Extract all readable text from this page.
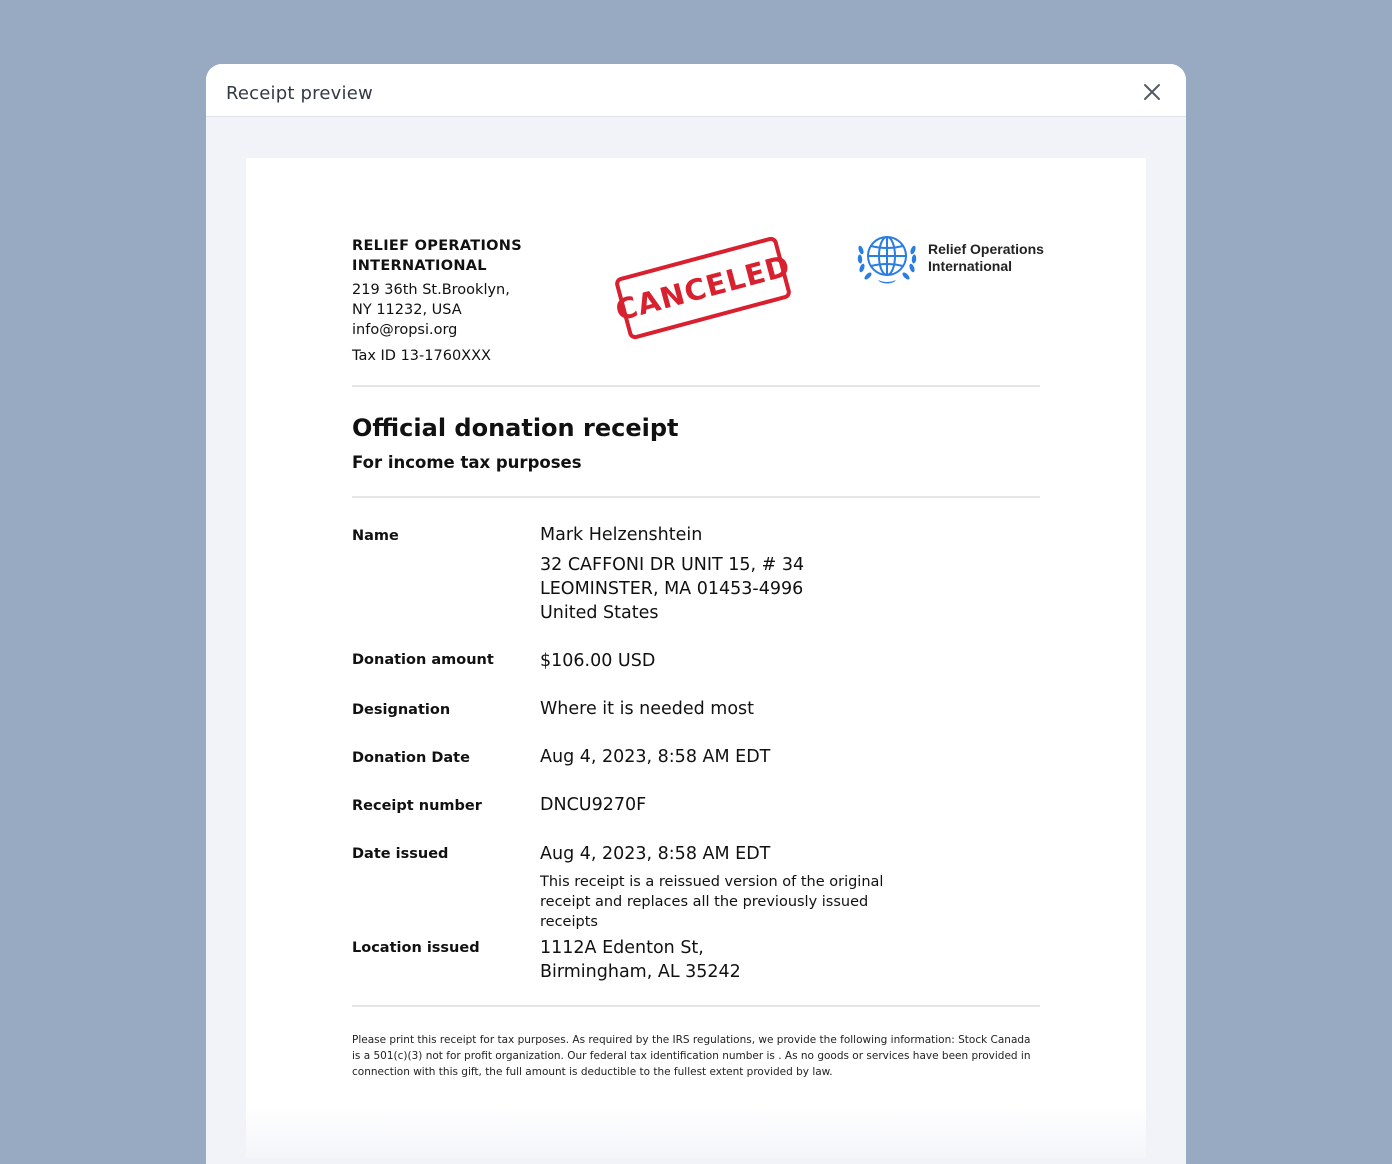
Receipt preview
RELIEF OPERATIONS INTERNATIONAL
219 36th St.Brooklyn,
NY 11232, USA
info@ropsi.org
Tax ID 13-1760XXX
CANCELED	Relief Operations
International
Official donation receipt
For income tax purposes
Name	Mark Helzenshtein
32 CAFFONI DR UNIT 15, # 34
LEOMINSTER, MA 01453-4996
United States
Donation amount	$106.00 USD
Designation	Where it is needed most
Donation Date	Aug 4, 2023, 8:58 AM EDT
Receipt number	DNCU9270F
Date issued	Aug 4, 2023, 8:58 AM EDT
This receipt is a reissued version of the original receipt and replaces all the previously issued receipts
Location issued	1112A Edenton St,
Birmingham, AL 35242
Please print this receipt for tax purposes. As required by the IRS regulations, we provide the following information: Stock Canada is a 501(c)(3) not for profit organization. Our federal tax identification number is . As no goods or services have been provided in connection with this gift, the full amount is deductible to the fullest extent provided by law.
